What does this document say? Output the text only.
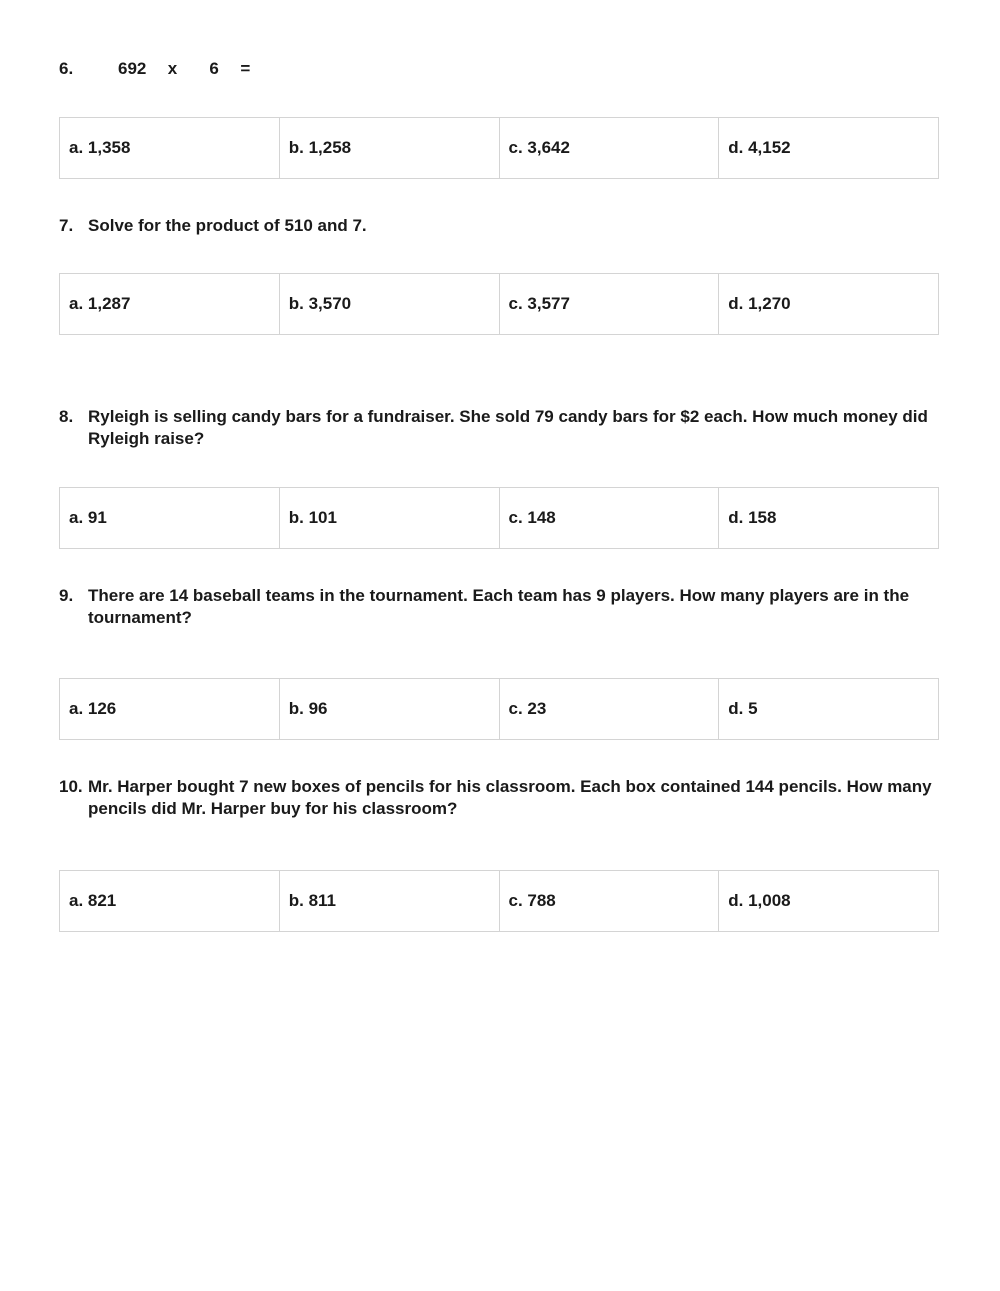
6.	692  x   6  =
a. 1,358	b. 1,258	c. 3,642	d. 4,152
7. Solve for the product of 510 and 7.
a. 1,287	b. 3,570	c. 3,577	d. 1,270
8. Ryleigh is selling candy bars for a fundraiser. She sold 79 candy bars for $2 each. How much money did Ryleigh raise?
a. 91	b. 101	c. 148	d. 158
9. There are 14 baseball teams in the tournament. Each team has 9 players. How many players are in the tournament?
a. 126	b. 96	c. 23	d. 5
10. Mr. Harper bought 7 new boxes of pencils for his classroom. Each box contained 144 pencils. How many pencils did Mr. Harper buy for his classroom?
a. 821	b. 811	c. 788	d. 1,008
